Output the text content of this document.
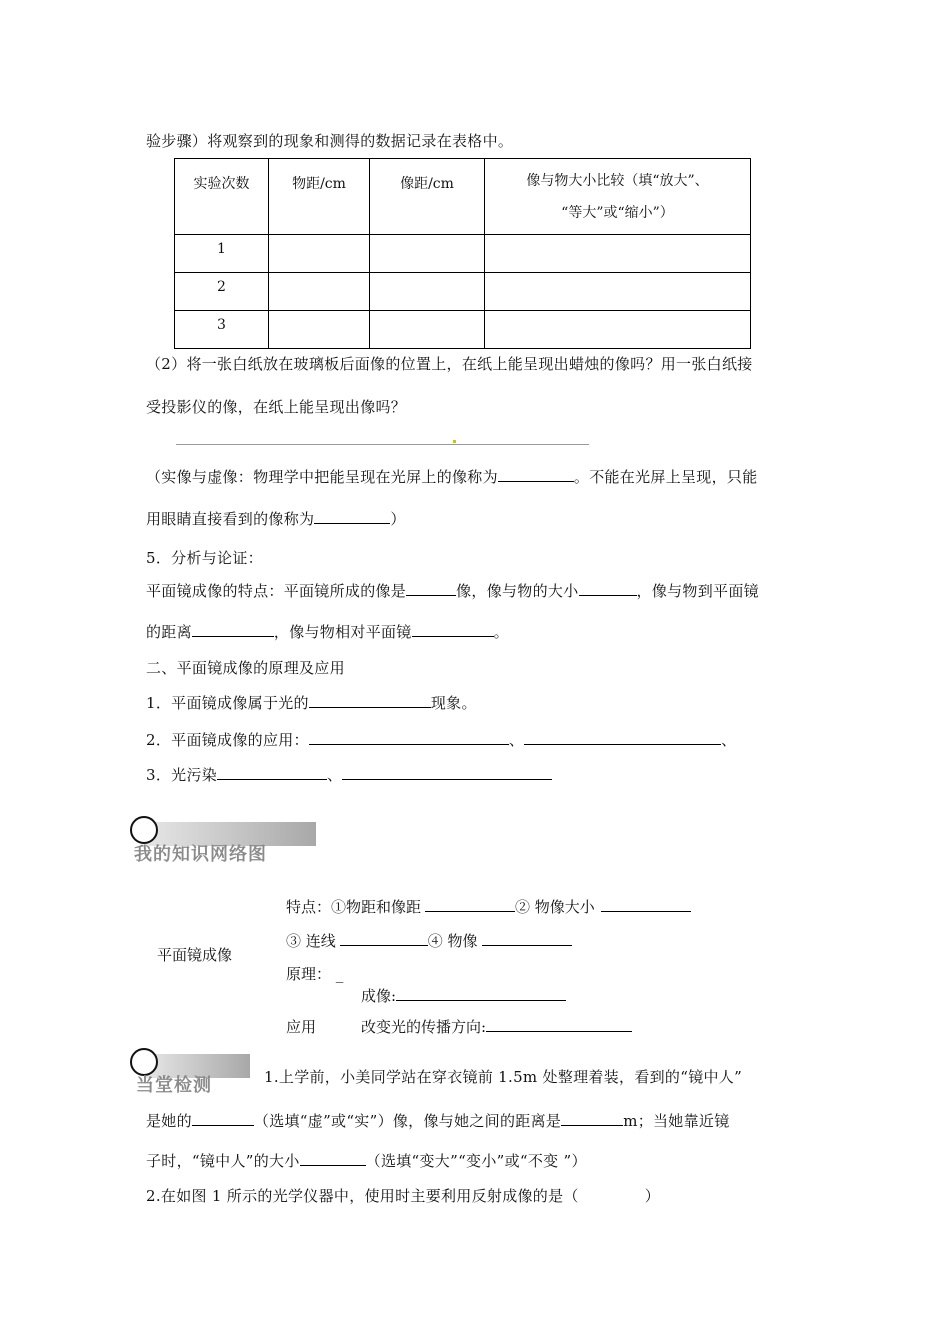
验步骤）将观察到的现象和测得的数据记录在表格中。
实验次数	物距/cm	像距/cm	像与物大小比较（填“放大”、
“等大”或“缩小”）

1			
2			
3			
（2）将一张白纸放在玻璃板后面像的位置上，在纸上能呈现出蜡烛的像吗？用一张白纸接
受投影仪的像，在纸上能呈现出像吗？
（实像与虚像：物理学中把能呈现在光屏上的像称为	。不能在光屏上呈现，只能
用眼睛直接看到的像称为	）
5．分析与论证：
平面镜成像的特点：平面镜所成的像是	像，像与物的大小	，像与物到平面镜
的距离	，像与物相对平面镜	。
二、平面镜成像的原理及应用
1．平面镜成像属于光的	现象。
2．平面镜成像的应用：	、	、
3．光污染	、
我的知识网络图
平面镜成像
特点：①物距和像距	② 物像大小
③ 连线	④ 物像
原理： _
成像:
应用	改变光的传播方向:
当堂检测	1.上学前，小美同学站在穿衣镜前 1.5m 处整理着装，看到的“镜中人”
是她的	（选填“虚”或“实”）像，像与她之间的距离是	m；当她靠近镜
子时，“镜中人”的大小	（选填“变大”“变小”或“不变 ”）
2.在如图 1 所示的光学仪器中，使用时主要利用反射成像的是（	）
